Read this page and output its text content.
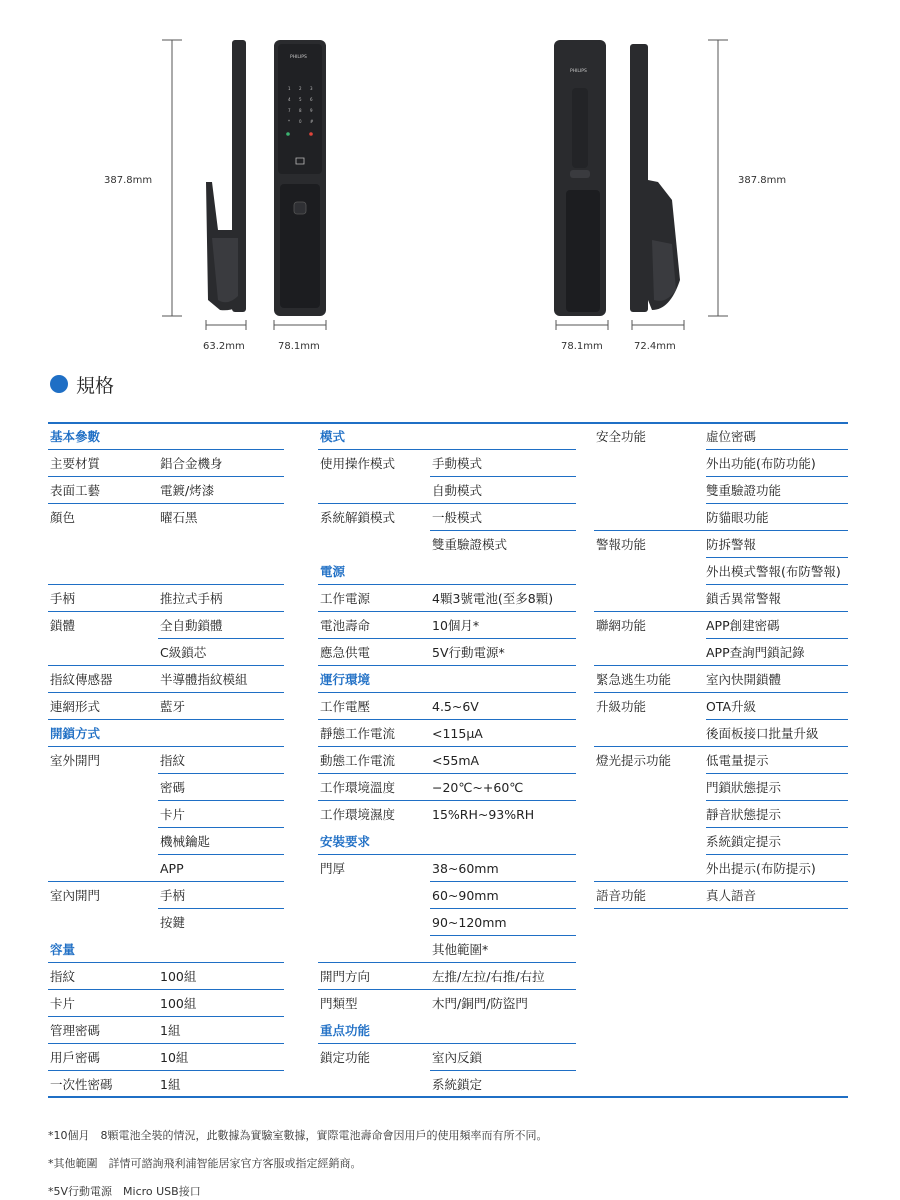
387.8mm
PHILIPS
1 2 3
4 5 6
7 8 9
* 0 #
63.2mm	78.1mm
PHILIPS
78.1mm	72.4mm
387.8mm
規格
基本參數
主要材質	鋁合金機身
表面工藝	電鍍/烤漆
顏色	曜石黑
手柄	推拉式手柄
鎖體	全自動鎖體
C級鎖芯
指紋傳感器	半導體指紋模組
連網形式	藍牙
開鎖方式
室外開門	指紋
密碼
卡片
機械鑰匙
APP
室內開門	手柄
按鍵
容量
指紋	100組
卡片	100組
管理密碼	1組
用戶密碼	10組
一次性密碼	1組
模式
使用操作模式	手動模式
自動模式
系統解鎖模式	一般模式
雙重驗證模式
電源
工作電源	4顆3號電池(至多8顆)
電池壽命	10個月*
應急供電	5V行動電源*
運行環境
工作電壓	4.5~6V
靜態工作電流	<115μA
動態工作電流	<55mA
工作環境溫度	−20℃~+60℃
工作環境濕度	15%RH~93%RH
安裝要求
門厚	38~60mm
60~90mm
90~120mm
其他範圍*
開門方向	左推/左拉/右推/右拉
門類型	木門/銅門/防盜門
重点功能
鎖定功能	室內反鎖
系統鎖定
安全功能	虛位密碼
外出功能(布防功能)
雙重驗證功能
防貓眼功能
警報功能	防拆警報
外出模式警報(布防警報)
鎖舌異常警報
聯網功能	APP創建密碼
APP查詢門鎖記錄
緊急逃生功能	室內快開鎖體
升級功能	OTA升級
後面板接口批量升級
燈光提示功能	低電量提示
門鎖狀態提示
靜音狀態提示
系統鎖定提示
外出提示(布防提示)
語音功能	真人語音
*10個月　8顆電池全裝的情況，此數據為實驗室數據，實際電池壽命會因用戶的使用頻率而有所不同。
*其他範圍　詳情可諮詢飛利浦智能居家官方客服或指定經銷商。
*5V行動電源　Micro USB接口
